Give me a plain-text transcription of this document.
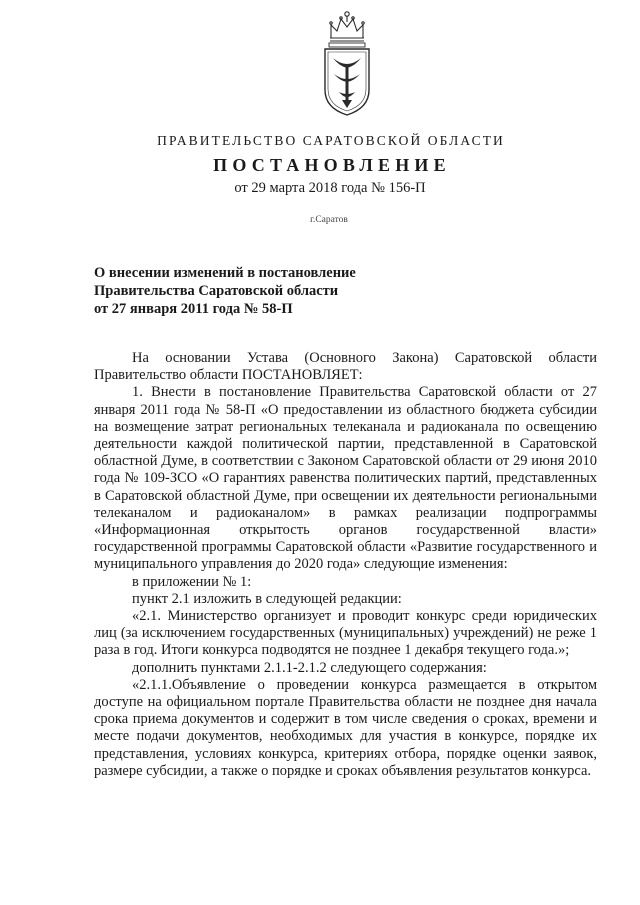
ПРАВИТЕЛЬСТВО САРАТОВСКОЙ ОБЛАСТИ
ПОСТАНОВЛЕНИЕ
от 29 марта 2018 года № 156-П
г.Саратов
О внесении изменений в постановление
Правительства Саратовской области
от 27 января 2011 года № 58-П

На основании Устава (Основного Закона) Саратовской области Правительство области ПОСТАНОВЛЯЕТ:

1. Внести в постановление Правительства Саратовской области от 27 января 2011 года № 58-П «О предоставлении из областного бюджета субсидии на возмещение затрат региональных телеканала и радиоканала по освещению деятельности каждой политической партии, представленной в Саратовской областной Думе, в соответствии с Законом Саратовской области от 29 июня 2010 года № 109-ЗСО «О гарантиях равенства политических партий, представленных в Саратовской областной Думе, при освещении их деятельности региональными телеканалом и радиоканалом» в рамках реализации подпрограммы «Информационная открытость органов государственной власти» государственной программы Саратовской области «Развитие государственного и муниципального управления до 2020 года» следующие изменения:

в приложении № 1:

пункт 2.1 изложить в следующей редакции:

«2.1. Министерство организует и проводит конкурс среди юридических лиц (за исключением государственных (муниципальных) учреждений) не реже 1 раза в год. Итоги конкурса подводятся не позднее 1 декабря текущего года.»;

дополнить пунктами 2.1.1-2.1.2 следующего содержания:

«2.1.1.Объявление о проведении конкурса размещается в открытом доступе на официальном портале Правительства области не позднее дня начала срока приема документов и содержит в том числе сведения о сроках, времени и месте подачи документов, необходимых для участия в конкурсе, порядке их представления, условиях конкурса, критериях отбора, порядке оценки заявок, размере субсидии, а также о порядке и сроках объявления результатов конкурса.
